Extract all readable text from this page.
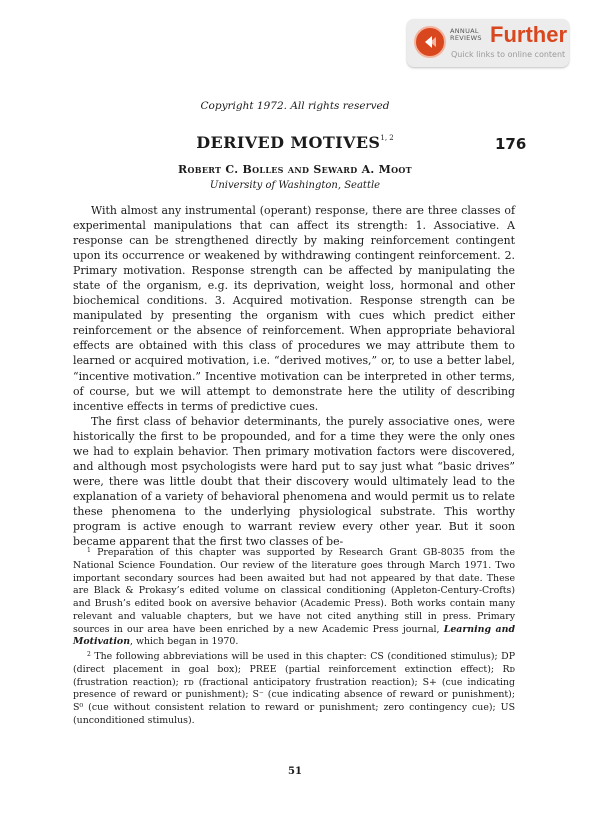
ANNUAL
REVIEWS Further
Quick links to online content
Copyright 1972. All rights reserved
DERIVED MOTIVES$^{1, 2}$	176
Robert C. Bolles and Seward A. Moot
University of Washington, Seattle

With almost any instrumental (operant) response, there are three classes of experimental manipulations that can affect its strength: 1. Associative. A response can be strengthened directly by making reinforcement contingent upon its occurrence or weakened by withdrawing contingent reinforcement. 2. Primary motivation. Response strength can be affected by manipulating the state of the organism, e.g. its deprivation, weight loss, hormonal and other biochemical conditions. 3. Acquired motivation. Response strength can be manipulated by presenting the organism with cues which predict either reinforcement or the absence of reinforcement. When appropriate behavioral effects are obtained with this class of procedures we may attribute them to learned or acquired motivation, i.e. “derived motives,” or, to use a better label, “incentive motivation.” Incentive motivation can be interpreted in other terms, of course, but we will attempt to demonstrate here the utility of describing incentive effects in terms of predictive cues.

The first class of behavior determinants, the purely associative ones, were historically the first to be propounded, and for a time they were the only ones we had to explain behavior. Then primary motivation factors were discovered, and although most psychologists were hard put to say just what “basic drives” were, there was little doubt that their discovery would ultimately lead to the explanation of a variety of behavioral phenomena and would permit us to relate these phenomena to the underlying physiological substrate. This worthy program is active enough to warrant review every other year. But it soon became apparent that the first two classes of be-

$^1$ Preparation of this chapter was supported by Research Grant GB-8035 from the National Science Foundation. Our review of the literature goes through March 1971. Two important secondary sources had been awaited but had not appeared by that date. These are Black & Prokasy’s edited volume on classical conditioning (Appleton-Century-Crofts) and Brush’s edited book on aversive behavior (Academic Press). Both works contain many relevant and valuable chapters, but we have not cited anything still in press. Primary sources in our area have been enriched by a new Academic Press journal, Learning and Motivation, which began in 1970.

$^2$ The following abbreviations will be used in this chapter: CS (conditioned stimulus); DP (direct placement in goal box); PREE (partial reinforcement extinction effect); Rᴅ (frustration reaction); rᴅ (fractional anticipatory frustration reaction); S+ (cue indicating presence of reward or punishment); S⁻ (cue indicating absence of reward or punishment); S⁰ (cue without consistent relation to reward or punishment; zero contingency cue); US (unconditioned stimulus).

51
